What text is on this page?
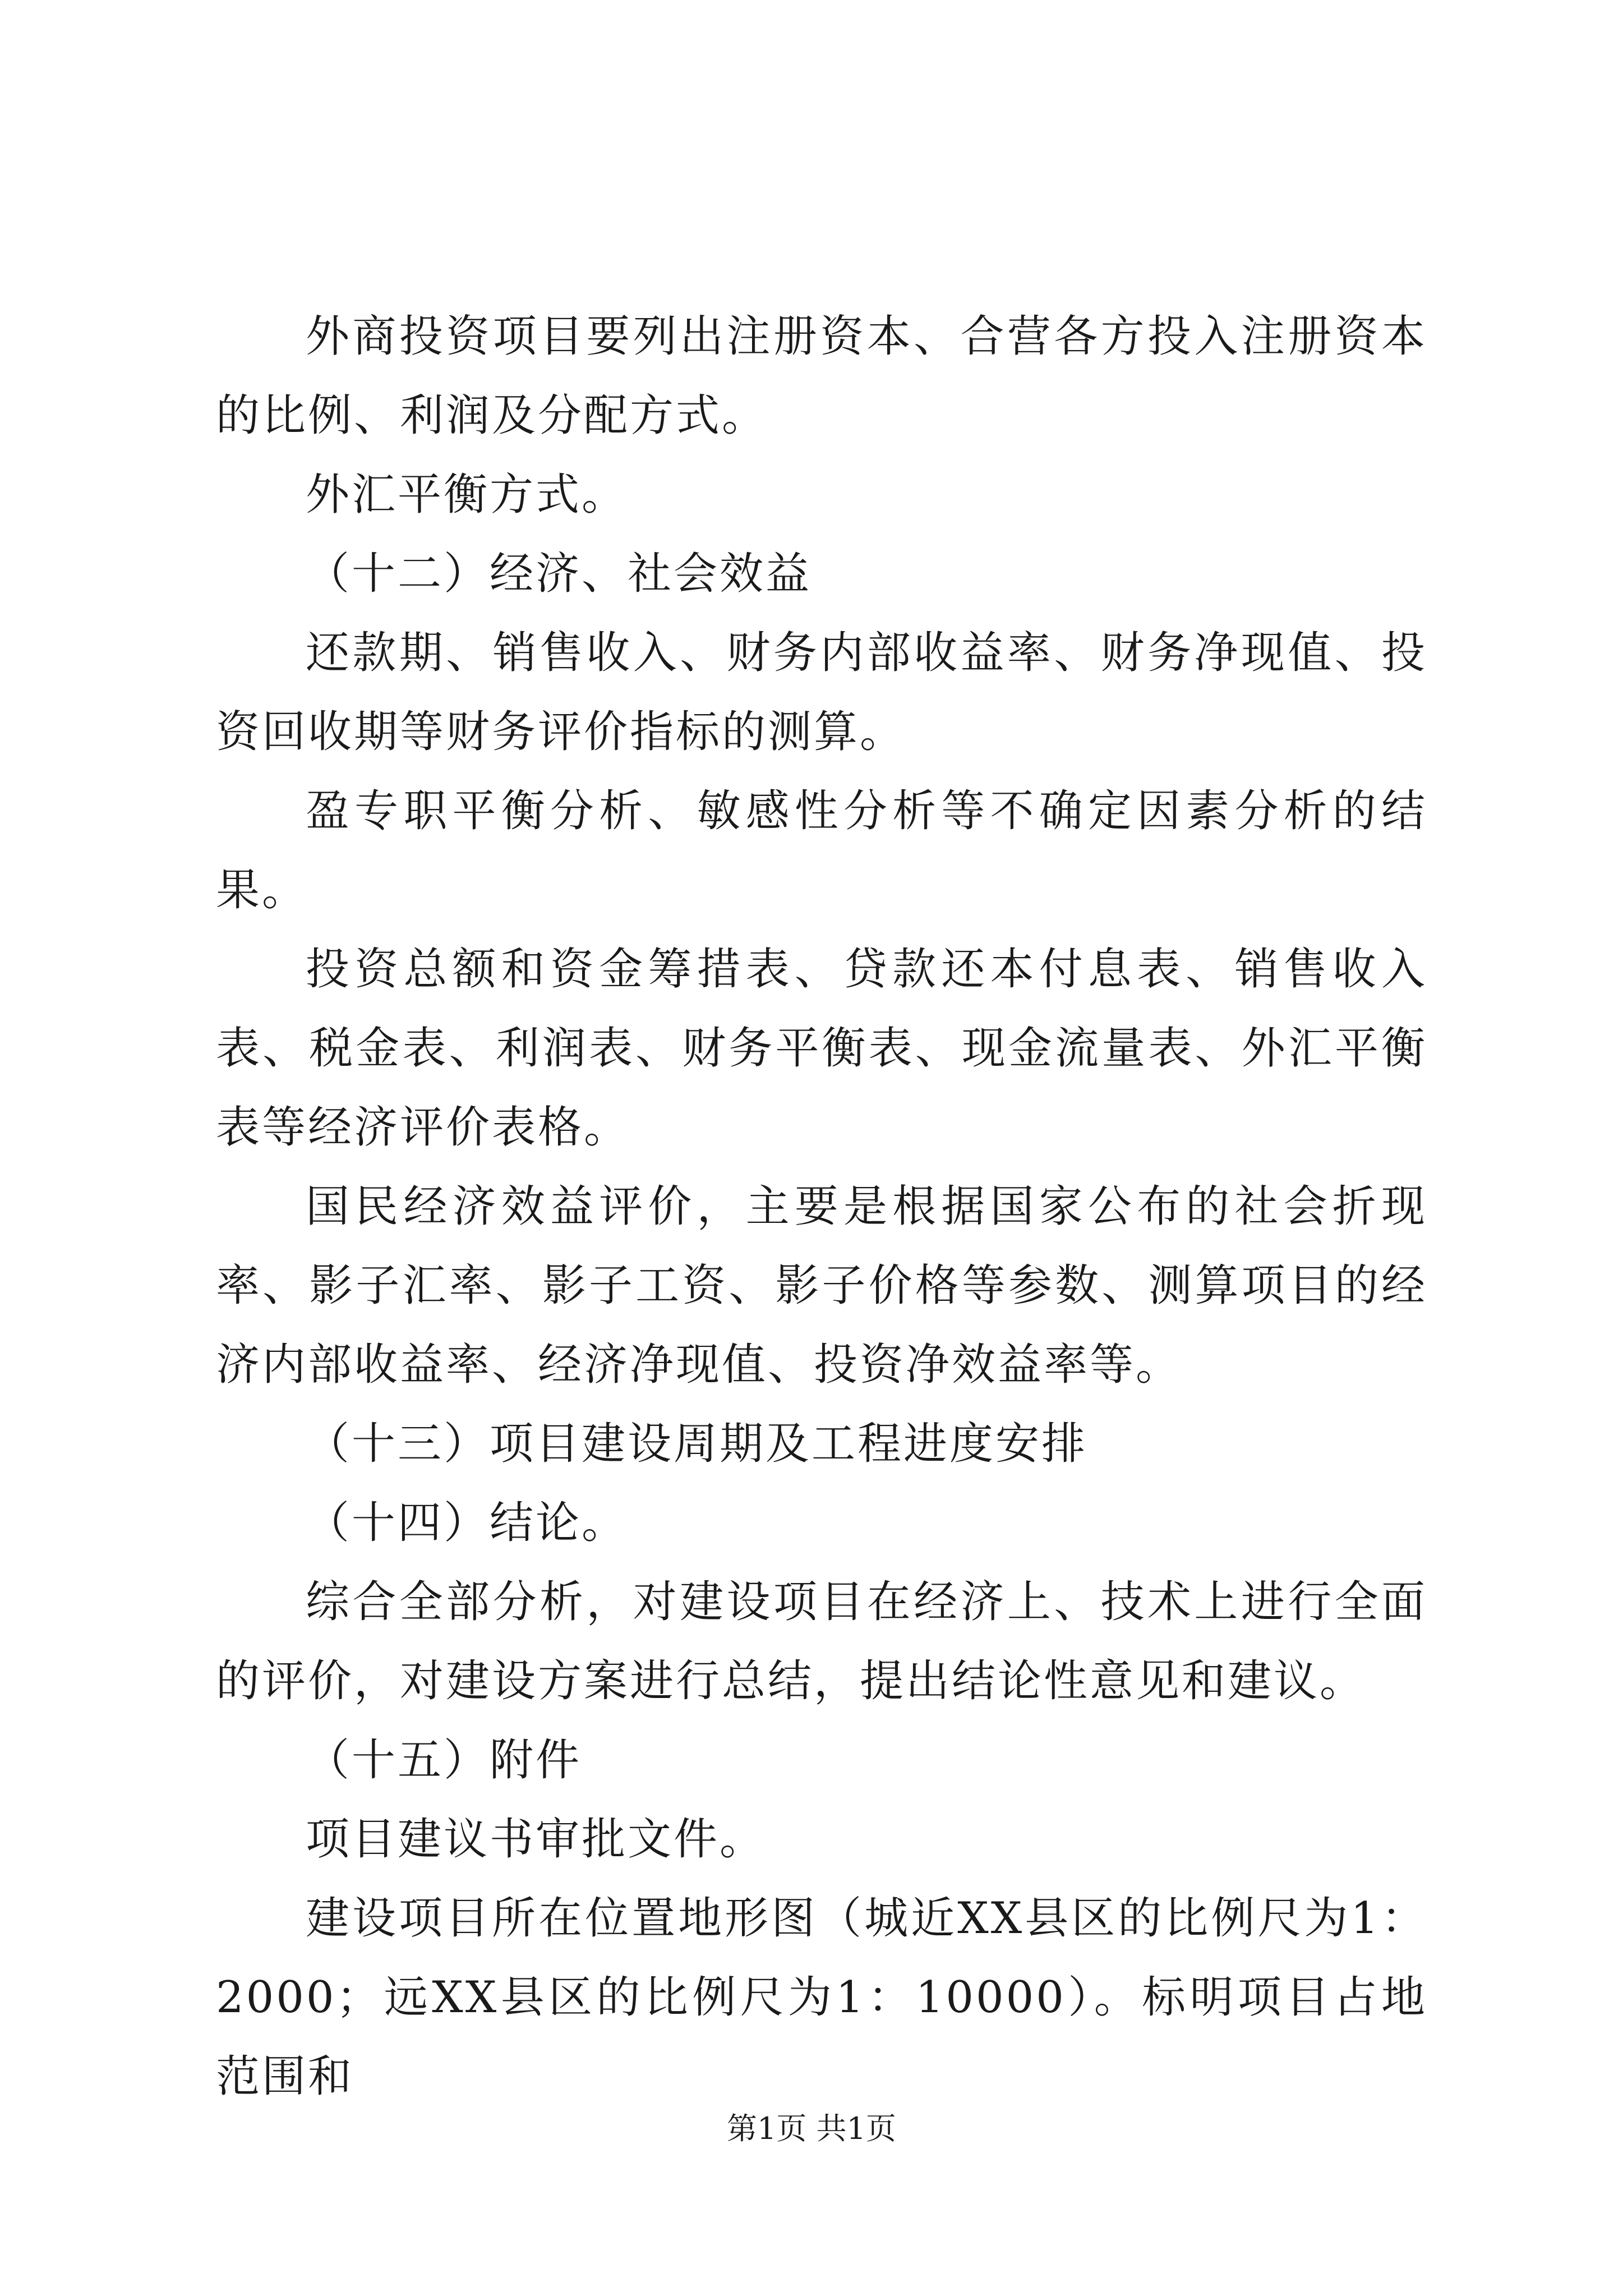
外商投资项目要列出注册资本、合营各方投入注册资本的比例、利润及分配方式。

外汇平衡方式。

（十二）经济、社会效益

还款期、销售收入、财务内部收益率、财务净现值、投资回收期等财务评价指标的测算。

盈专职平衡分析、敏感性分析等不确定因素分析的结果。

投资总额和资金筹措表、贷款还本付息表、销售收入表、税金表、利润表、财务平衡表、现金流量表、外汇平衡表等经济评价表格。

国民经济效益评价，主要是根据国家公布的社会折现率、影子汇率、影子工资、影子价格等参数、测算项目的经济内部收益率、经济净现值、投资净效益率等。

（十三）项目建设周期及工程进度安排

（十四）结论。

综合全部分析，对建设项目在经济上、技术上进行全面的评价，对建设方案进行总结，提出结论性意见和建议。

（十五）附件

项目建议书审批文件。

建设项目所在位置地形图（城近XX县区的比例尺为1：2000；远XX县区的比例尺为1：10000）。标明项目占地范围和

第1页 共1页
